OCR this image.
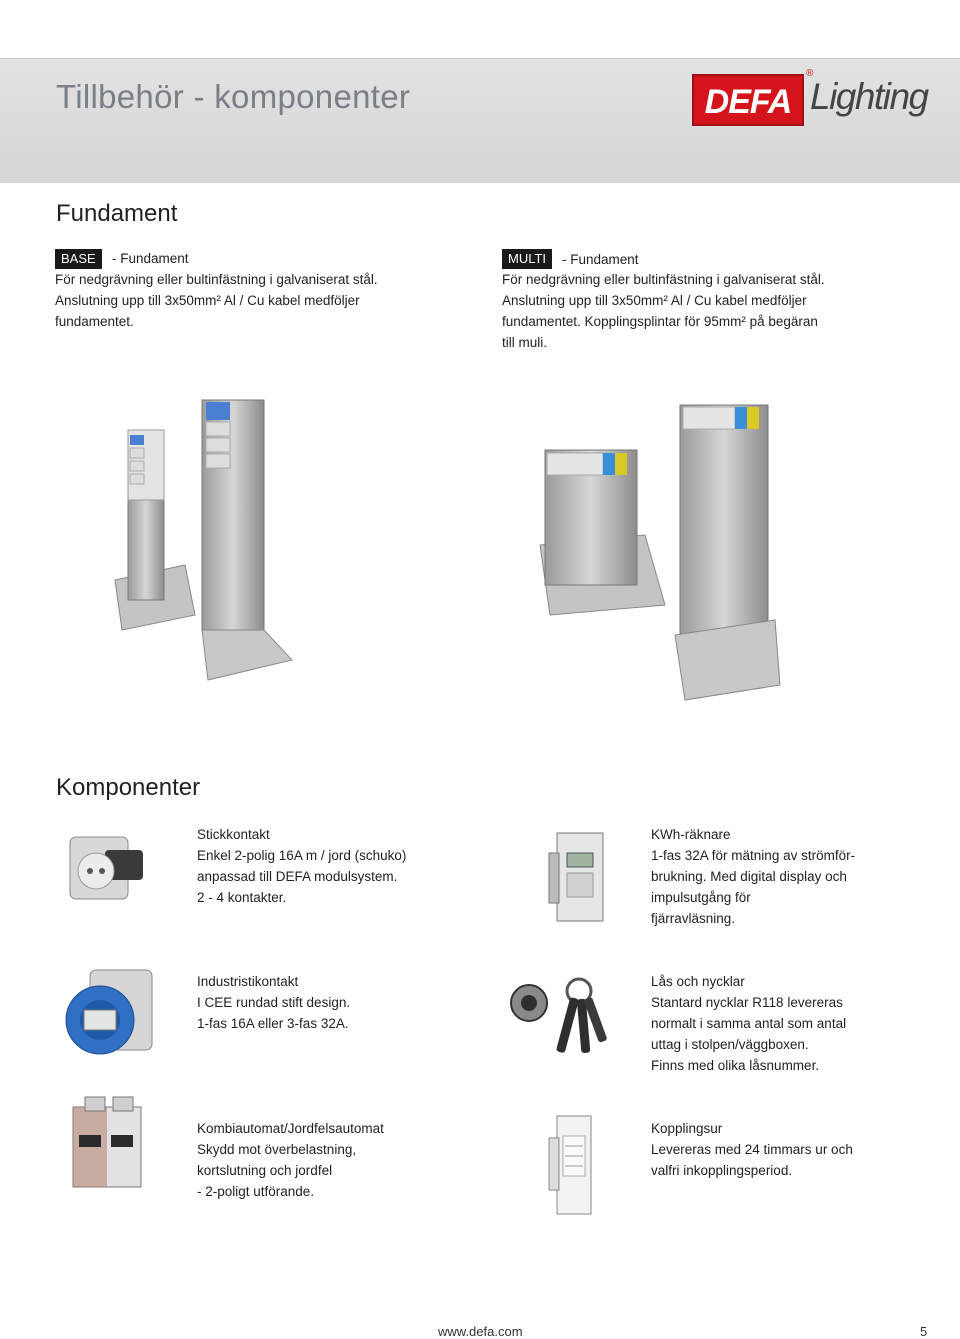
Tillbehör - komponenter	DEFA
®
Lighting
Fundament
BASE	- Fundament
För nedgrävning eller bultinfästning i galvaniserat stål.
Anslutning upp till 3x50mm² Al / Cu kabel medföljer
fundamentet.
MULTI	- Fundament
För nedgrävning eller bultinfästning i galvaniserat stål.
Anslutning upp till 3x50mm² Al / Cu kabel medföljer
fundamentet. Kopplingsplintar för 95mm² på begäran
till muli.
Komponenter
Stickkontakt
Enkel 2-polig 16A m / jord (schuko)
anpassad till DEFA modulsystem.
2 - 4 kontakter.
KWh-räknare
1-fas 32A för mätning av strömför-
brukning. Med digital display och
impulsutgång för
fjärravläsning.
Industristikontakt
I CEE rundad stift design.
1-fas 16A eller 3-fas 32A.
Lås och nycklar
Stantard nycklar R118 levereras
normalt i samma antal som antal
uttag i stolpen/väggboxen.
Finns med olika låsnummer.
Kombiautomat/Jordfelsautomat
Skydd mot överbelastning,
kortslutning och jordfel
- 2-poligt utförande.
Kopplingsur
Levereras med 24 timmars ur och
valfri inkopplingsperiod.
www.defa.com	5
